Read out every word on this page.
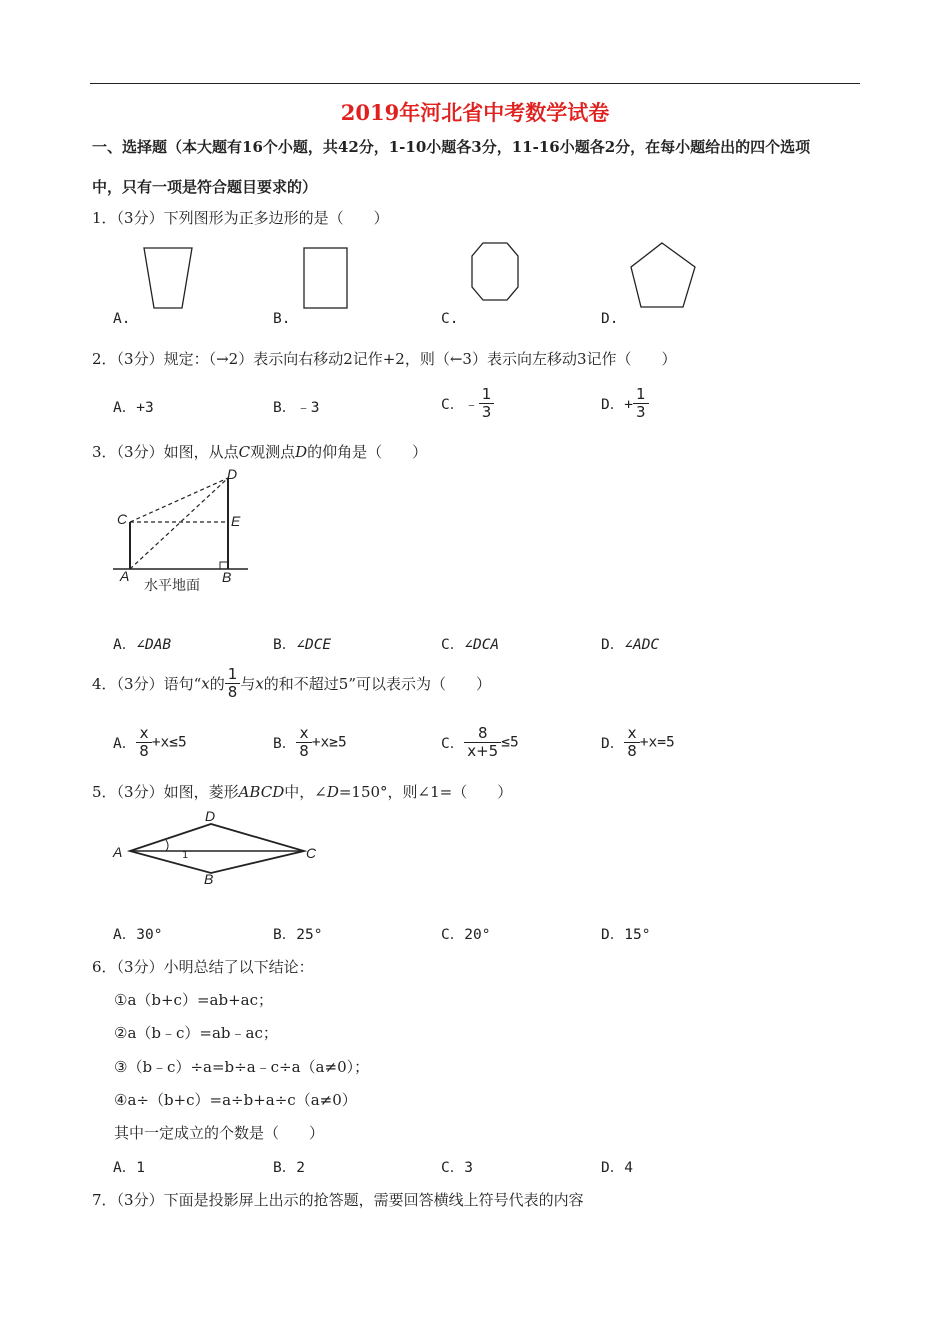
2019年河北省中考数学试卷
一、选择题（本大题有16个小题，共42分，1-10小题各3分，11-16小题各2分，在每小题给出的四个选项
中，只有一项是符合题目要求的）
1．（3分）下列图形为正多边形的是（　　）
A.	B.	C.	D.
2．（3分）规定：（→2）表示向右移动2记作+2，则（←3）表示向左移动3记作（　　）
A．+3	B．﹣3	C．﹣ $\frac{1}{3}$	D．+ $\frac{1}{3}$
3．（3分）如图，从点C观测点D的仰角是（　　）
D
C	E
A	B
水平地面
A．∠DAB	B．∠DCE	C．∠DCA	D．∠ADC
4．（3分）语句“x的 $\frac{1}{8}$ 与x的和不超过5”可以表示为（　　）
A． $\frac{x}{8} +x\le 5$	B． $\frac{x}{8} +x\ge 5$	C． $\frac{8}{x+5} \le 5$	D． $\frac{x}{8} +x=5$
5．（3分）如图，菱形ABCD中，∠D=150°，则∠1=（　　）
D
A	C
B
1
A．30°	B．25°	C．20°	D．15°
6．（3分）小明总结了以下结论：
①a（b+c）=ab+ac；
②a（b﹣c）=ab﹣ac；
③（b﹣c）÷a=b÷a﹣c÷a（a≠0）；
④a÷（b+c）=a÷b+a÷c（a≠0）
其中一定成立的个数是（　　）
A．1	B．2	C．3	D．4
7．（3分）下面是投影屏上出示的抢答题，需要回答横线上符号代表的内容
